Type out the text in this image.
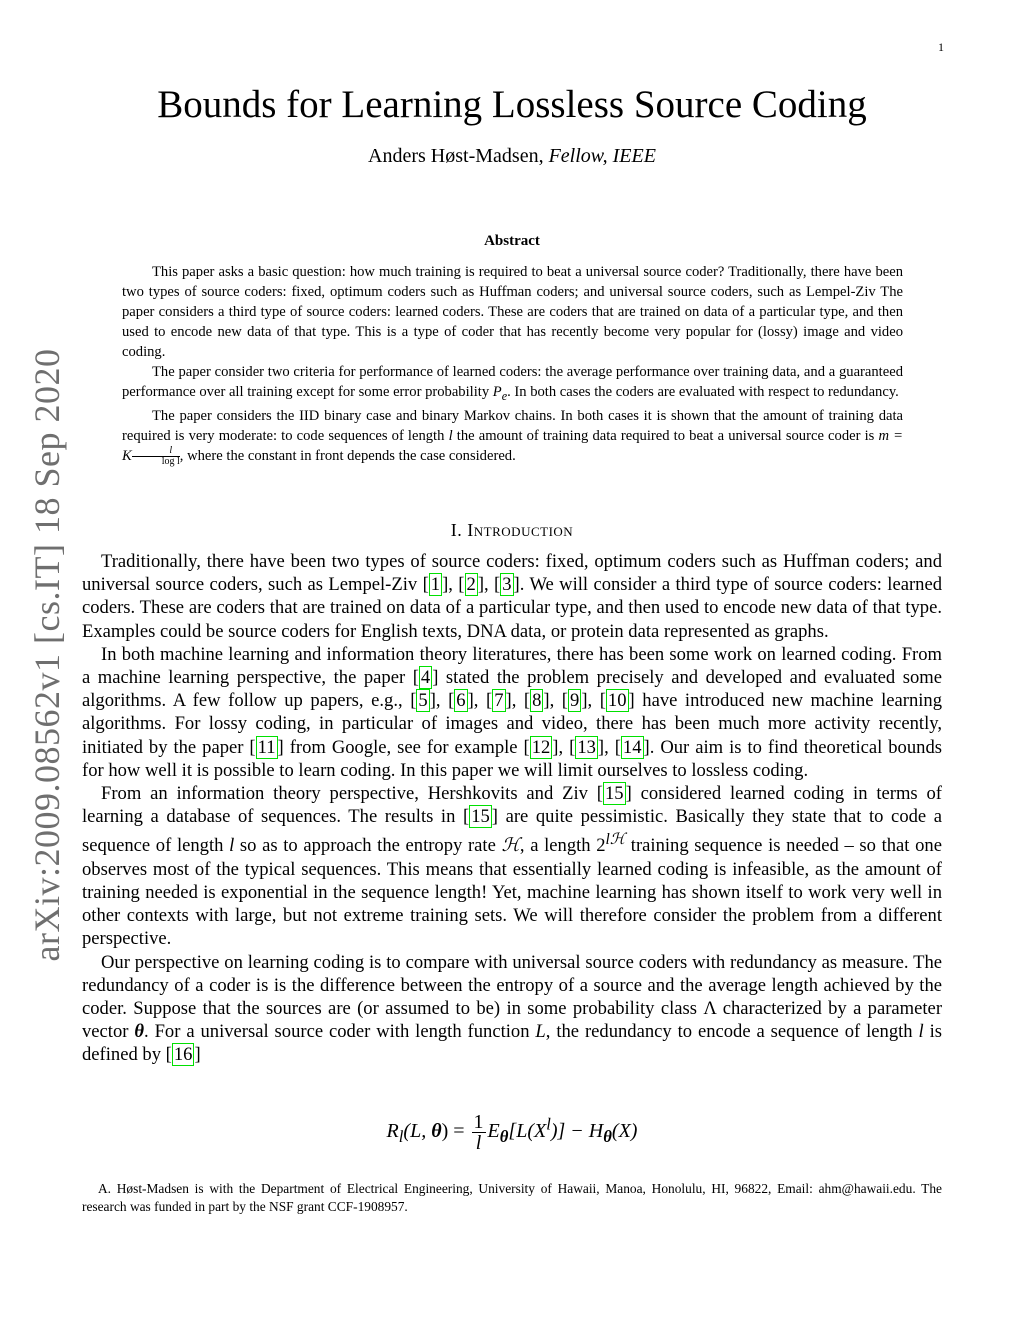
1
arXiv:2009.08562v1 [cs.IT] 18 Sep 2020
Bounds for Learning Lossless Source Coding
Anders Høst-Madsen, Fellow, IEEE
Abstract

This paper asks a basic question: how much training is required to beat a universal source coder? Traditionally, there have been two types of source coders: fixed, optimum coders such as Huffman coders; and universal source coders, such as Lempel-Ziv The paper considers a third type of source coders: learned coders. These are coders that are trained on data of a particular type, and then used to encode new data of that type. This is a type of coder that has recently become very popular for (lossy) image and video coding.

The paper consider two criteria for performance of learned coders: the average performance over training data, and a guaranteed performance over all training except for some error probability $P_e$. In both cases the coders are evaluated with respect to redundancy.

The paper considers the IID binary case and binary Markov chains. In both cases it is shown that the amount of training data required is very moderate: to code sequences of length l the amount of training data required to beat a universal source coder is m = K $\frac{l}{\text{log l}}$ , where the constant in front depends the case considered.

I. Introduction

Traditionally, there have been two types of source coders: fixed, optimum coders such as Huffman coders; and universal source coders, such as Lempel-Ziv [ 1 ], [ 2 ], [ 3 ]. We will consider a third type of source coders: learned coders. These are coders that are trained on data of a particular type, and then used to encode new data of that type. Examples could be source coders for English texts, DNA data, or protein data represented as graphs.

In both machine learning and information theory literatures, there has been some work on learned coding. From a machine learning perspective, the paper [ 4 ] stated the problem precisely and developed and evaluated some algorithms. A few follow up papers, e.g., [ 5 ], [ 6 ], [ 7 ], [ 8 ], [ 9 ], [ 10 ] have introduced new machine learning algorithms. For lossy coding, in particular of images and video, there has been much more activity recently, initiated by the paper [ 11 ] from Google, see for example [ 12 ], [ 13 ], [ 14 ]. Our aim is to find theoretical bounds for how well it is possible to learn coding. In this paper we will limit ourselves to lossless coding.

From an information theory perspective, Hershkovits and Ziv [ 15 ] considered learned coding in terms of learning a database of sequences. The results in [ 15 ] are quite pessimistic. Basically they state that to code a sequence of length l so as to approach the entropy rate ℋ, a length $2^{lℋ}$ training sequence is needed – so that one observes most of the typical sequences. This means that essentially learned coding is infeasible, as the amount of training needed is exponential in the sequence length! Yet, machine learning has shown itself to work very well in other contexts with large, but not extreme training sets. We will therefore consider the problem from a different perspective.

Our perspective on learning coding is to compare with universal source coders with redundancy as measure. The redundancy of a coder is is the difference between the entropy of a source and the average length achieved by the coder. Suppose that the sources are (or assumed to be) in some probability class Λ characterized by a parameter vector θ. For a universal source coder with length function L, the redundancy to encode a sequence of length l is defined by [ 16 ]

$R_l(L$, $\theta) = \frac{1}{l} E_\theta[L(X^l)] - H_\theta(X)$

A. Høst-Madsen is with the Department of Electrical Engineering, University of Hawaii, Manoa, Honolulu, HI, 96822, Email: ahm@hawaii.edu. The research was funded in part by the NSF grant CCF-1908957.
